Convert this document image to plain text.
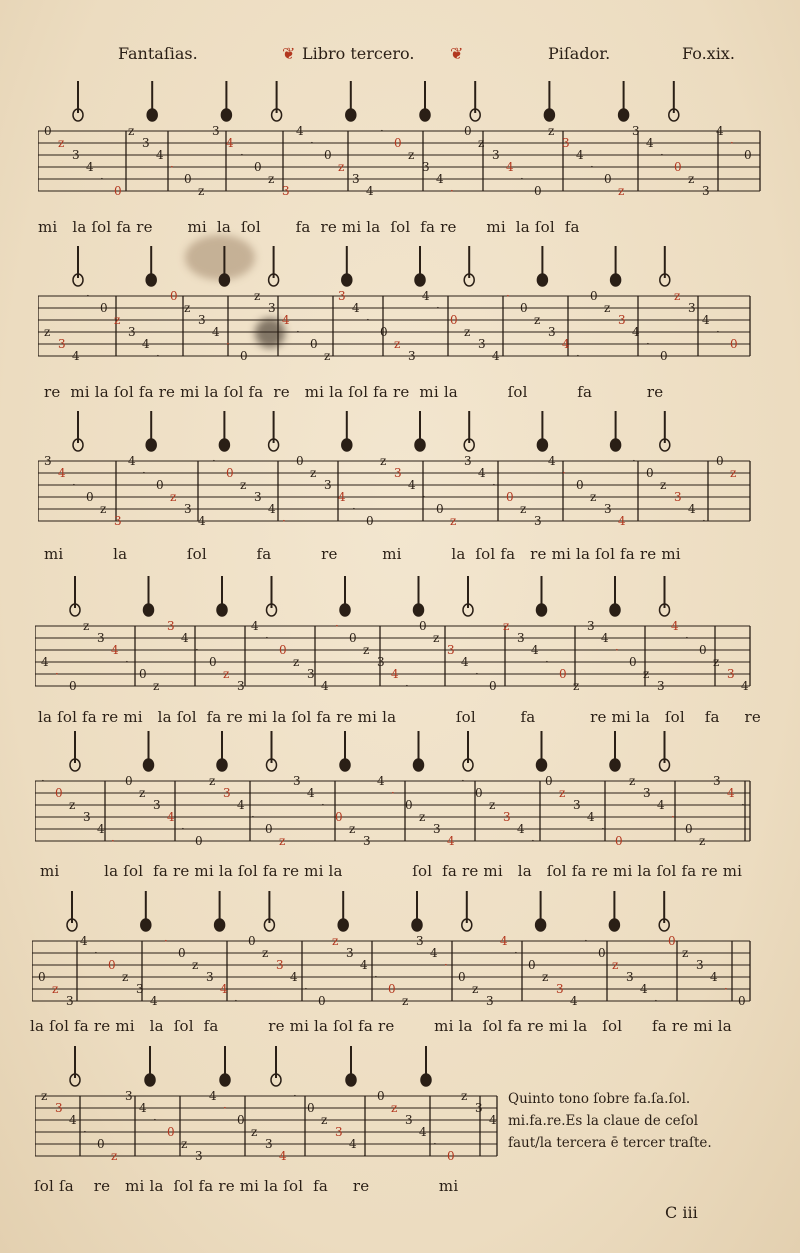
Fantaſias.	❦ Libro tercero. ❦	Piſador.	Fo.xix.
0
z
3
4
·
0
z
3
4
·
0
z
3
4
·
0
z
3
4
·
0
z
3
4
·
0
z
3
4
·
0
z
3
4
·
0
z
3
4
·
0
z
3
4
·
0
z
3
4
·
0
z
3
4
·
0
z
3
4
·
0
z
3
4
·
0
z
3
4
·
0
z
3
4
·
0
z
3
4
·
0
z
3
4
·
0
z
3
4
·
0
z
3
4
·
0
z
3
4
·
0
3
4
·
0
z
3
4
·
0
z
3
4
·
0
z
3
4
·
0
z
3
4
·
0
z
3
4
·
0
z
3
4
·
0
z
3
4
·
0
z
3
4
·
0
z
3
4
·
0
z
4
·
0
z
3
4
·
0
z
3
4
·
0
z
3
4
·
0
z
3
4
·
0
z
3
4
·
0
z
3
4
·
0
z
3
4
·
0
z
3
4
·
0
z
3
4
·
0
z
3
4
·
0
z
3
4
·
0
z
3
4
·
0
z
3
4
·
0
z
3
4
·
0
z
3
4
·
0
z
3
4
·
0
z
3
4
·
0
z
3
4
·
0
z
3
4
·
0
z
3
4
·
0
z
3
4
·
0
z
3
4
·
0
z
3
4
·
0
z
3
4
·
0
z
3
4
·
0
z
3
4
·
0
z
3
4
·
0
z
3
4
·
0
z
3
4
·
0
z
3
4
·
0
z
3
4
·
0
z
3
4
·
0
z
3
4
·
0
z
3
4
·
0
z
3
4
·
0
z
3
4
·
0
z
3
4
mi   la ſol fa re       mi  la  ſol       fa  re mi la  ſol  fa re      mi  la ſol  fa
re  mi la ſol fa re mi la ſol fa  re   mi la ſol fa re  mi la          ſol          fa           re
mi          la            ſol          fa          re         mi          la  ſol fa   re mi la ſol fa re mi
la ſol fa re mi   la ſol  fa re mi la ſol fa re mi la            ſol         fa           re mi la   ſol    fa     re
mi         la ſol  fa re mi la ſol fa re mi la              ſol  fa re mi   la   ſol fa re mi la ſol fa re mi
la ſol fa re mi   la  ſol  fa          re mi la ſol fa re        mi la  ſol fa re mi la   ſol      fa re mi la
ſol ſa    re   mi la  ſol fa re mi la ſol  fa     re              mi
Quinto tono ſobre fa.ſa.ſol.
mi.fa.re.Es la claue de ceſol
faut/la tercera ē tercer traſte.
C iii
